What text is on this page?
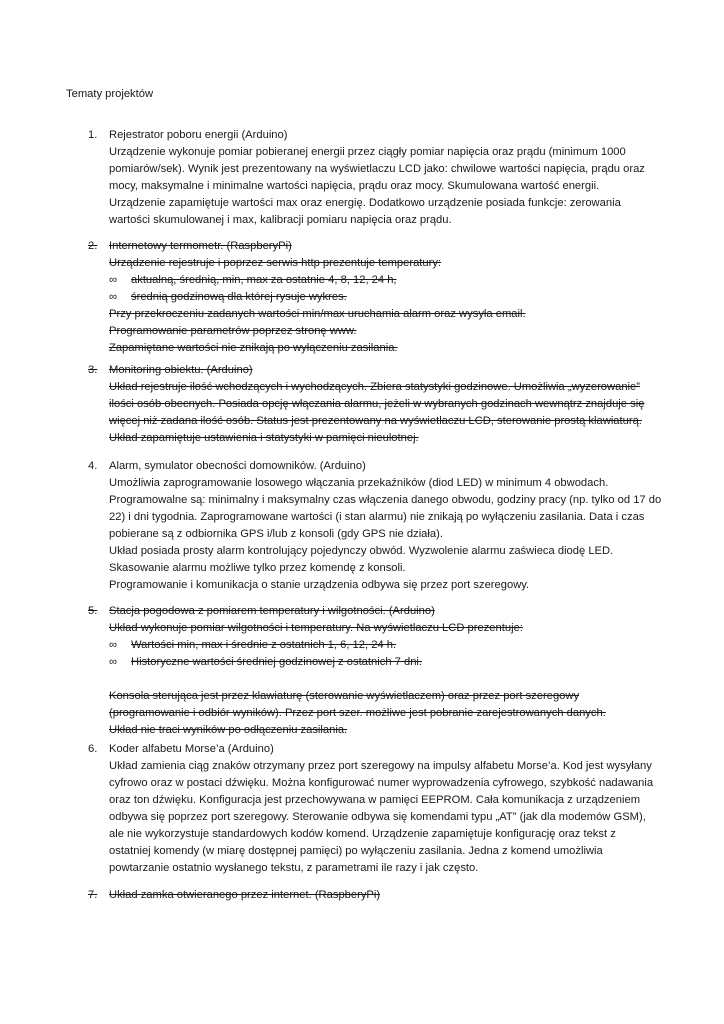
Tematy projektów
1. Rejestrator poboru energii (Arduino)
Urządzenie wykonuje pomiar pobieranej energii przez ciągły pomiar napięcia oraz prądu (minimum 1000
pomiarów/sek). Wynik jest prezentowany na wyświetlaczu LCD jako: chwilowe wartości napięcia, prądu oraz
mocy, maksymalne i minimalne wartości napięcia, prądu oraz mocy. Skumulowana wartość energii.
Urządzenie zapamiętuje wartości max oraz energię. Dodatkowo urządzenie posiada funkcje: zerowania
wartości skumulowanej i max, kalibracji pomiaru napięcia oraz prądu.
2. Internetowy termometr. (RaspberyPi)
Urządzenie rejestruje i poprzez serwis http prezentuje temperatury:
∞ aktualną, średnią, min, max za ostatnie 4, 8, 12, 24 h,
∞ średnią godzinową dla której rysuje wykres.
Przy przekroczeniu zadanych wartości min/max uruchamia alarm oraz wysyła email.
Programowanie parametrów poprzez stronę www.
Zapamiętane wartości nie znikają po wyłączeniu zasilania.
3. Monitoring obiektu. (Arduino)
Układ rejestruje ilość wchodzących i wychodzących. Zbiera statystyki godzinowe. Umożliwia „wyzerowanie”
ilości osób obecnych. Posiada opcję włączania alarmu, jeżeli w wybranych godzinach wewnątrz znajduje się
więcej niż zadana ilość osób. Status jest prezentowany na wyświetlaczu LCD, sterowanie prostą klawiaturą.
Układ zapamiętuje ustawienia i statystyki w pamięci nieulotnej.
4. Alarm, symulator obecności domowników. (Arduino)
Umożliwia zaprogramowanie losowego włączania przekaźników (diod LED) w minimum 4 obwodach.
Programowalne są: minimalny i maksymalny czas włączenia danego obwodu, godziny pracy (np. tylko od 17 do
22) i dni tygodnia. Zaprogramowane wartości (i stan alarmu) nie znikają po wyłączeniu zasilania. Data i czas
pobierane są z odbiornika GPS i/lub z konsoli (gdy GPS nie działa).
Układ posiada prosty alarm kontrolujący pojedynczy obwód. Wyzwolenie alarmu zaświeca diodę LED.
Skasowanie alarmu możliwe tylko przez komendę z konsoli.
Programowanie i komunikacja o stanie urządzenia odbywa się przez port szeregowy.
5. Stacja pogodowa z pomiarem temperatury i wilgotności. (Arduino)
Układ wykonuje pomiar wilgotności i temperatury. Na wyświetlaczu LCD prezentuje:
∞ Wartości min, max i średnie z ostatnich 1, 6, 12, 24 h.
∞ Historyczne wartości średniej godzinowej z ostatnich 7 dni.
Konsola sterująca jest przez klawiaturę (sterowanie wyświetlaczem) oraz przez port szeregowy
(programowanie i odbiór wyników). Przez port szer. możliwe jest pobranie zarejestrowanych danych.
Układ nie traci wyników po odłączeniu zasilania.
6. Koder alfabetu Morse’a (Arduino)
Układ zamienia ciąg znaków otrzymany przez port szeregowy na impulsy alfabetu Morse’a. Kod jest wysyłany
cyfrowo oraz w postaci dźwięku. Można konfigurować numer wyprowadzenia cyfrowego, szybkość nadawania
oraz ton dźwięku. Konfiguracja jest przechowywana w pamięci EEPROM. Cała komunikacja z urządzeniem
odbywa się poprzez port szeregowy. Sterowanie odbywa się komendami typu „AT” (jak dla modemów GSM),
ale nie wykorzystuje standardowych kodów komend. Urządzenie zapamiętuje konfigurację oraz tekst z
ostatniej komendy (w miarę dostępnej pamięci) po wyłączeniu zasilania. Jedna z komend umożliwia
powtarzanie ostatnio wysłanego tekstu, z parametrami ile razy i jak często.
7. Układ zamka otwieranego przez internet. (RaspberyPi)
